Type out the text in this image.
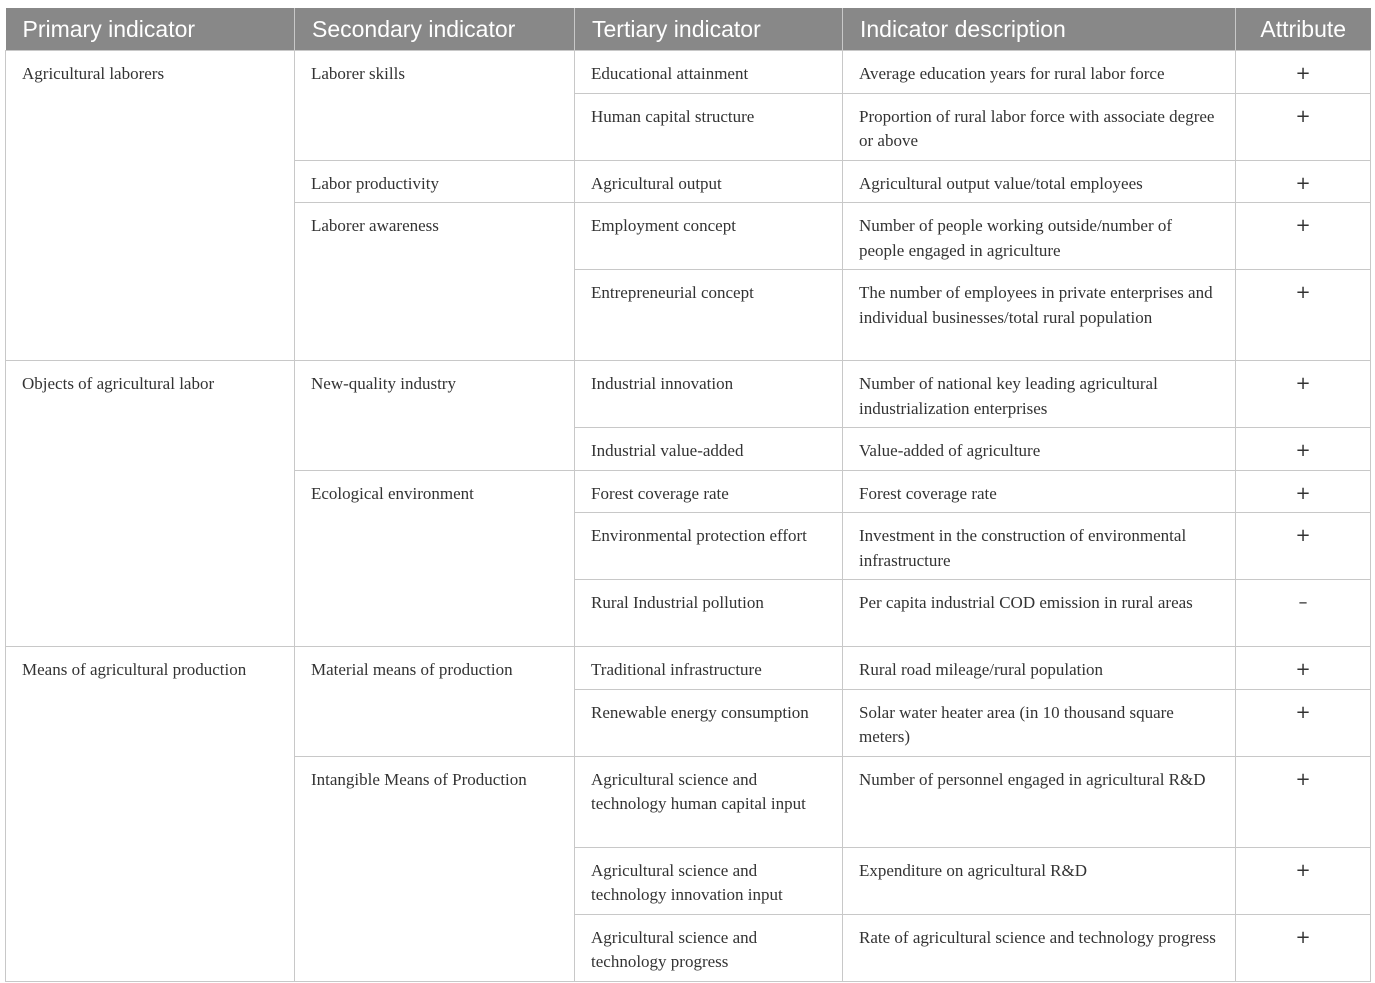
Primary indicator	Secondary indicator	Tertiary indicator	Indicator description	Attribute
Agricultural laborers	Laborer skills	Educational attainment	Average education years for rural labor force	+
		Human capital structure	Proportion of rural labor force with associate degree or above	+
	Labor productivity	Agricultural output	Agricultural output value/total employees	+
	Laborer awareness	Employment concept	Number of people working outside/number of people engaged in agriculture	+
		Entrepreneurial concept	The number of employees in private enterprises and individual businesses/total rural population	+
Objects of agricultural labor	New-quality industry	Industrial innovation	Number of national key leading agricultural industrialization enterprises	+
		Industrial value-added	Value-added of agriculture	+
	Ecological environment	Forest coverage rate	Forest coverage rate	+
		Environmental protection effort	Investment in the construction of environmental infrastructure	+
		Rural Industrial pollution	Per capita industrial COD emission in rural areas	–
Means of agricultural production	Material means of production	Traditional infrastructure	Rural road mileage/rural population	+
		Renewable energy consumption	Solar water heater area (in 10 thousand square meters)	+
	Intangible Means of Production	Agricultural science and technology human capital input	Number of personnel engaged in agricultural R&D	+
		Agricultural science and technology innovation input	Expenditure on agricultural R&D	+
		Agricultural science and technology progress	Rate of agricultural science and technology progress	+
